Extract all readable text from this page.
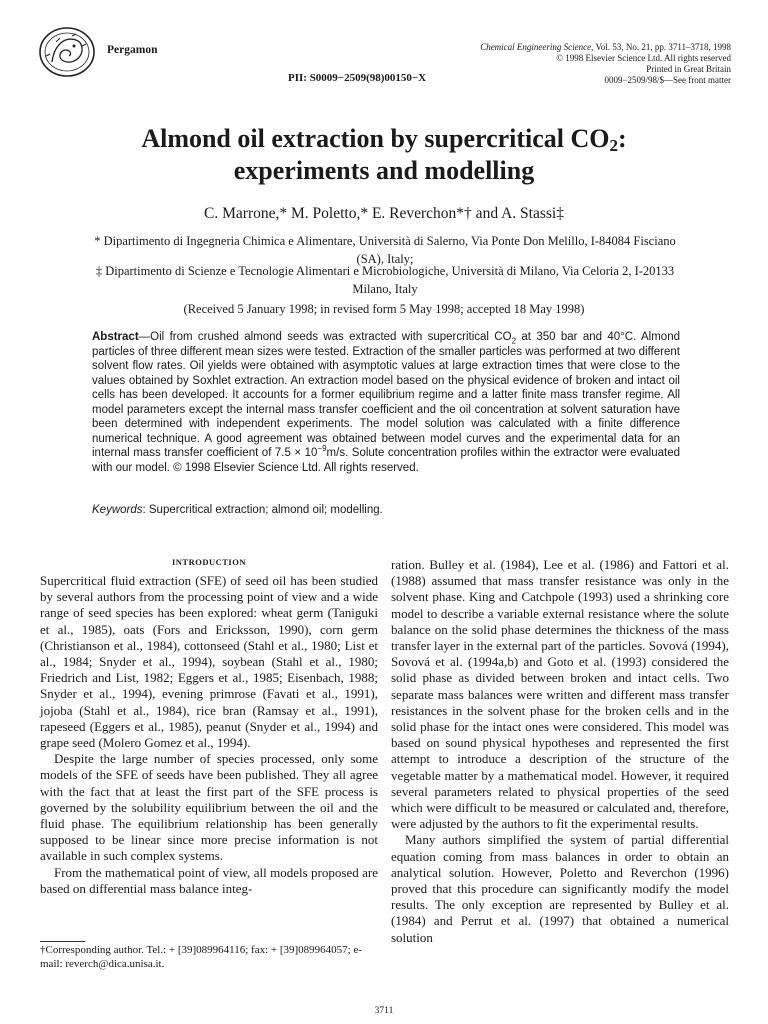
Pergamon
PII: S0009−2509(98)00150−X
Chemical Engineering Science, Vol. 53, No. 21, pp. 3711–3718, 1998
© 1998 Elsevier Science Ltd. All rights reserved
Printed in Great Britain
0009−2509/98/$—See front matter
Almond oil extraction by supercritical $CO_2$:
experiments and modelling
C. Marrone,* M. Poletto,* E. Reverchon*† and A. Stassi‡
* Dipartimento di Ingegneria Chimica e Alimentare, Università di Salerno, Via Ponte Don Melillo, I-84084 Fisciano (SA), Italy;
‡ Dipartimento di Scienze e Tecnologie Alimentari e Microbiologiche, Università di Milano, Via Celoria 2, I-20133 Milano, Italy
(Received 5 January 1998; in revised form 5 May 1998; accepted 18 May 1998)
Abstract—Oil from crushed almond seeds was extracted with supercritical $CO_2$ at 350 bar and 40°C. Almond particles of three different mean sizes were tested. Extraction of the smaller particles was performed at two different solvent flow rates. Oil yields were obtained with asymptotic values at large extraction times that were close to the values obtained by Soxhlet extraction. An extraction model based on the physical evidence of broken and intact oil cells has been developed. It accounts for a former equilibrium regime and a latter finite mass transfer regime. All model parameters except the internal mass transfer coefficient and the oil concentration at solvent saturation have been determined with independent experiments. The model solution was calculated with a finite difference numerical technique. A good agreement was obtained between model curves and the experimental data for an internal mass transfer coefficient of $7.5 \times 10^{-9}m/s$. Solute concentration profiles within the extractor were evaluated with our model. © 1998 Elsevier Science Ltd. All rights reserved.
Keywords: Supercritical extraction; almond oil; modelling.
INTRODUCTION

Supercritical fluid extraction (SFE) of seed oil has been studied by several authors from the processing point of view and a wide range of seed species has been explored: wheat germ (Taniguki et al., 1985), oats (Fors and Ericksson, 1990), corn germ (Christianson et al., 1984), cottonseed (Stahl et al., 1980; List et al., 1984; Snyder et al., 1994), soybean (Stahl et al., 1980; Friedrich and List, 1982; Eggers et al., 1985; Eisenbach, 1988; Snyder et al., 1994), evening primrose (Favati et al., 1991), jojoba (Stahl et al., 1984), rice bran (Ramsay et al., 1991), rapeseed (Eggers et al., 1985), peanut (Snyder et al., 1994) and grape seed (Molero Gomez et al., 1994).

Despite the large number of species processed, only some models of the SFE of seeds have been published. They all agree with the fact that at least the first part of the SFE process is governed by the solubility equilibrium between the oil and the fluid phase. The equilibrium relationship has been generally supposed to be linear since more precise information is not available in such complex systems.

From the mathematical point of view, all models proposed are based on differential mass balance integ-

ration. Bulley et al. (1984), Lee et al. (1986) and Fattori et al. (1988) assumed that mass transfer resistance was only in the solvent phase. King and Catchpole (1993) used a shrinking core model to describe a variable external resistance where the solute balance on the solid phase determines the thickness of the mass transfer layer in the external part of the particles. Sovová (1994), Sovová et al. (1994a,b) and Goto et al. (1993) considered the solid phase as divided between broken and intact cells. Two separate mass balances were written and different mass transfer resistances in the solvent phase for the broken cells and in the solid phase for the intact ones were considered. This model was based on sound physical hypotheses and represented the first attempt to introduce a description of the structure of the vegetable matter by a mathematical model. However, it required several parameters related to physical properties of the seed which were difficult to be measured or calculated and, therefore, were adjusted by the authors to fit the experimental results.

Many authors simplified the system of partial differential equation coming from mass balances in order to obtain an analytical solution. However, Poletto and Reverchon (1996) proved that this procedure can significantly modify the model results. The only exception are represented by Bulley et al. (1984) and Perrut et al. (1997) that obtained a numerical solution

†Corresponding author. Tel.: + [39]089964116; fax: + [39]089964057; e-mail: reverch@dica.unisa.it.
3711
